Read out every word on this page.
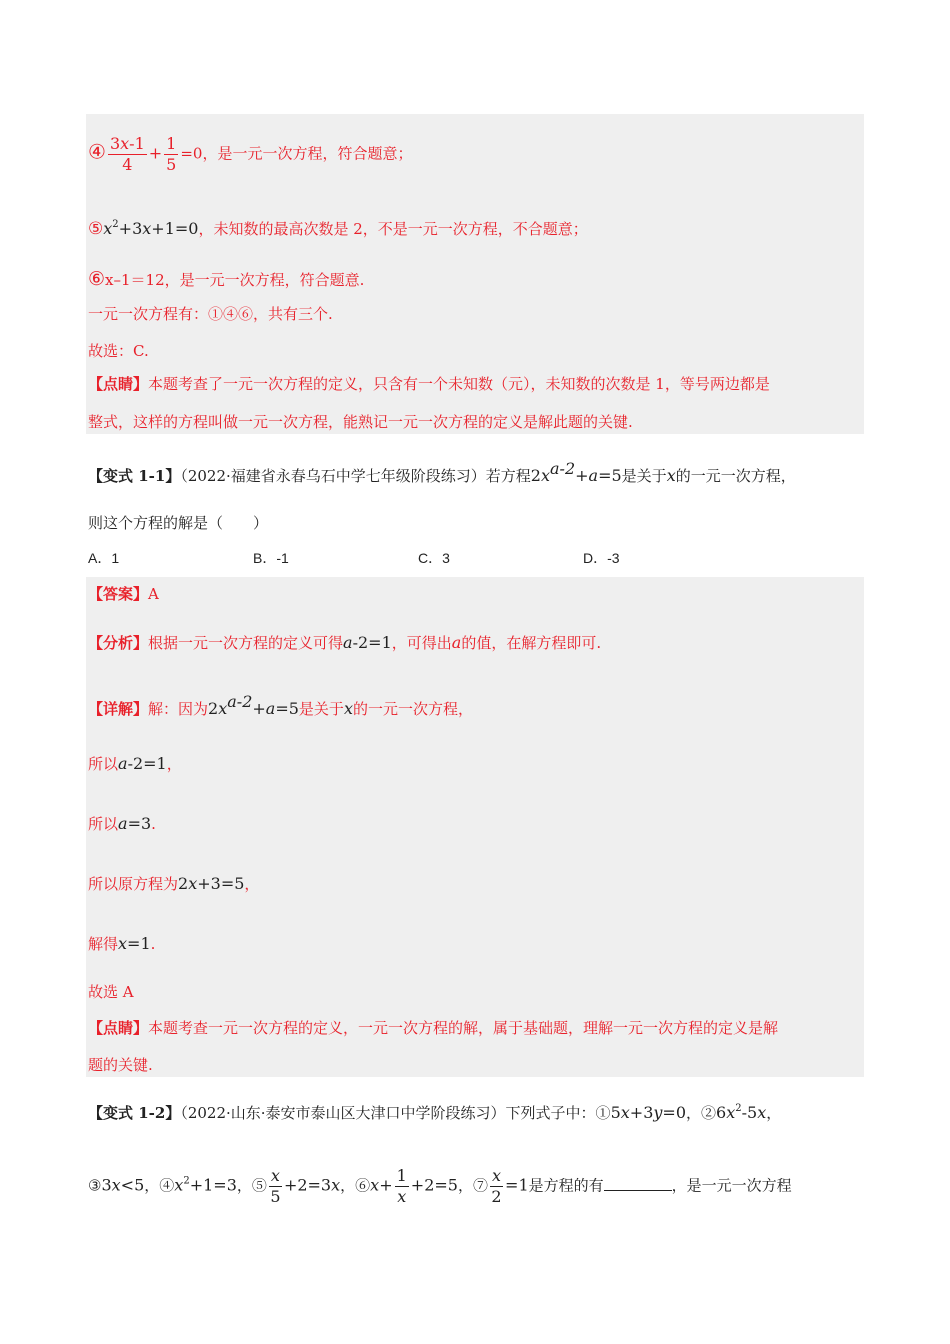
④ $\frac{3x-1}{4} + \frac{1}{5} =0$，是一元一次方程，符合题意；
$⑤x^2+3x+1=0$，未知数的最高次数是 2，不是一元一次方程，不合题意；
⑥x–1＝12，是一元一次方程，符合题意.
一元一次方程有：①④⑥，共有三个.
故选：C.
【点睛】本题考查了一元一次方程的定义，只含有一个未知数（元），未知数的次数是 1，等号两边都是
整式，这样的方程叫做一元一次方程，能熟记一元一次方程的定义是解此题的关键.
【变式 1-1】（2022·福建省永春乌石中学七年级阶段练习）若方程$2x^{a-2}+a=5$是关于x的一元一次方程，
则这个方程的解是（　　）
A．1	B．-1	C．3	D．-3
【答案】A
【分析】根据一元一次方程的定义可得a-2=1，可得出a的值，在解方程即可.
【详解】解：因为$2x^{a-2}+a=5$是关于x的一元一次方程，
所以a-2=1，
所以a=3.
所以原方程为2x+3=5，
解得x=1.
故选 A
【点睛】本题考查一元一次方程的定义，一元一次方程的解，属于基础题，理解一元一次方程的定义是解
题的关键.
【变式 1-2】（2022·山东·泰安市泰山区大津口中学阶段练习）下列式子中：①5x+3y=0，$②6x^2-5x$，
③3x<5，$④x^2+1=3$，⑤ $\frac{x}{5} +2=3x$，⑥x+ $\frac{1}{x} +2=5$，⑦ $\frac{x}{2} =1$是方程的有	，是一元一次方程
